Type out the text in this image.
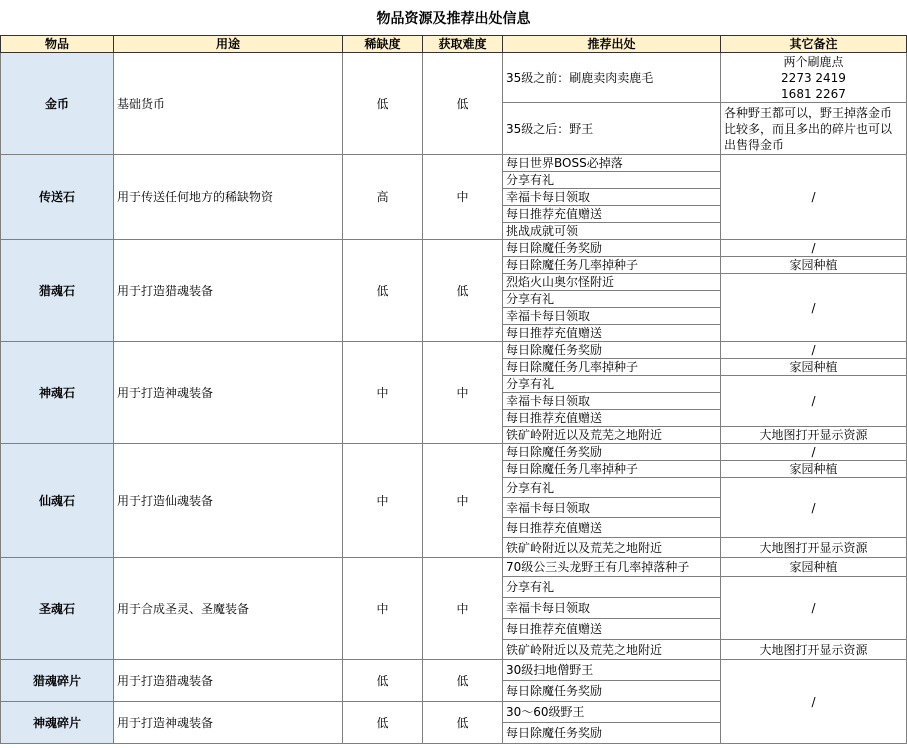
物品资源及推荐出处信息
物品	用途	稀缺度	获取难度	推荐出处	其它备注
金币	基础货币	低	低	35级之前：刷鹿卖肉卖鹿毛	两个刷鹿点
2273 2419
1681 2267

				35级之后：野王	各种野王都可以，野王掉落金币比较多，而且多出的碎片也可以出售得金币
传送石	用于传送任何地方的稀缺物资	高	中	每日世界BOSS必掉落	/
				分享有礼	
				幸福卡每日领取	
				每日推荐充值赠送	
				挑战成就可领	
猎魂石	用于打造猎魂装备	低	低	每日除魔任务奖励	/
				每日除魔任务几率掉种子	家园种植
				烈焰火山奥尔怪附近	/
				分享有礼	
				幸福卡每日领取	
				每日推荐充值赠送	
神魂石	用于打造神魂装备	中	中	每日除魔任务奖励	/
				每日除魔任务几率掉种子	家园种植
				分享有礼	/
				幸福卡每日领取	
				每日推荐充值赠送	
				铁矿岭附近以及荒芜之地附近	大地图打开显示资源
仙魂石	用于打造仙魂装备	中	中	每日除魔任务奖励	/
				每日除魔任务几率掉种子	家园种植
				分享有礼	/
				幸福卡每日领取	
				每日推荐充值赠送	
				铁矿岭附近以及荒芜之地附近	大地图打开显示资源
圣魂石	用于合成圣灵、圣魔装备	中	中	70级公三头龙野王有几率掉落种子	家园种植
				分享有礼	/
				幸福卡每日领取	
				每日推荐充值赠送	
				铁矿岭附近以及荒芜之地附近	大地图打开显示资源
猎魂碎片	用于打造猎魂装备	低	低	30级扫地僧野王	/
				每日除魔任务奖励	
神魂碎片	用于打造神魂装备	低	低	30～60级野王	
				每日除魔任务奖励	
